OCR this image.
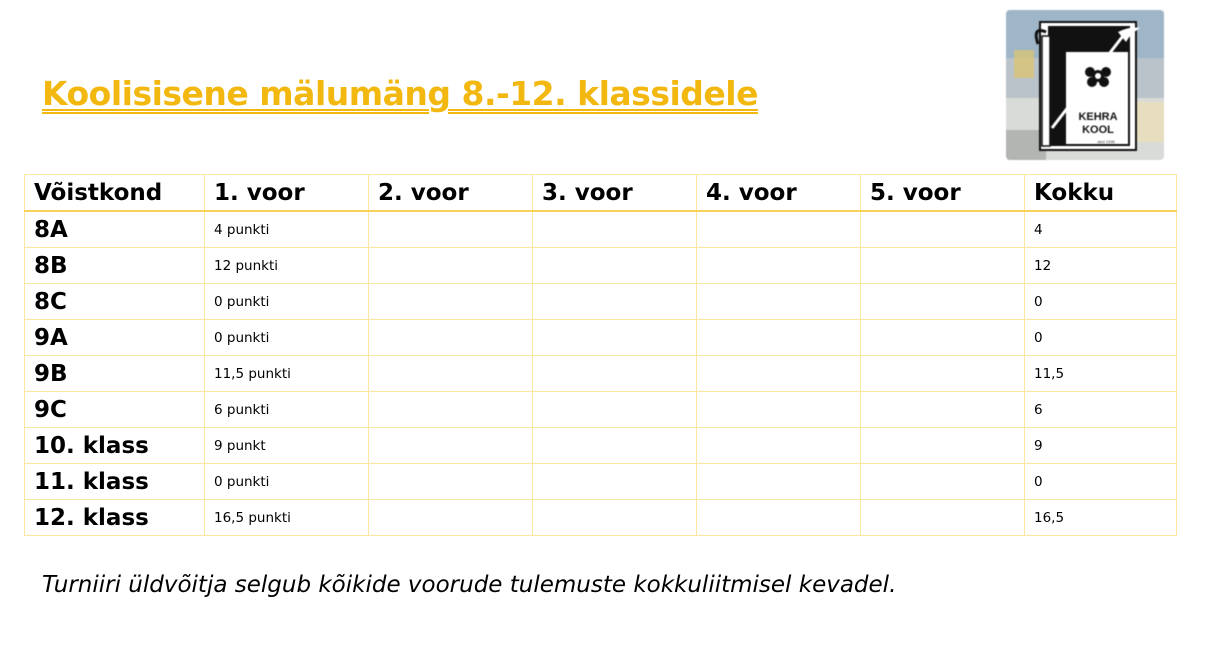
Koolisisene mälumäng 8.-12. klassidele
KEHRA
KOOL
asut 1936
Võistkond	1. voor	2. voor	3. voor	4. voor	5. voor	Kokku
8A	4 punkti					4
8B	12 punkti					12
8C	0 punkti					0
9A	0 punkti					0
9B	11,5 punkti					11,5
9C	6 punkti					6
10. klass	9 punkt					9
11. klass	0 punkti					0
12. klass	16,5 punkti					16,5

Turniiri üldvõitja selgub kõikide voorude tulemuste kokkuliitmisel kevadel.
